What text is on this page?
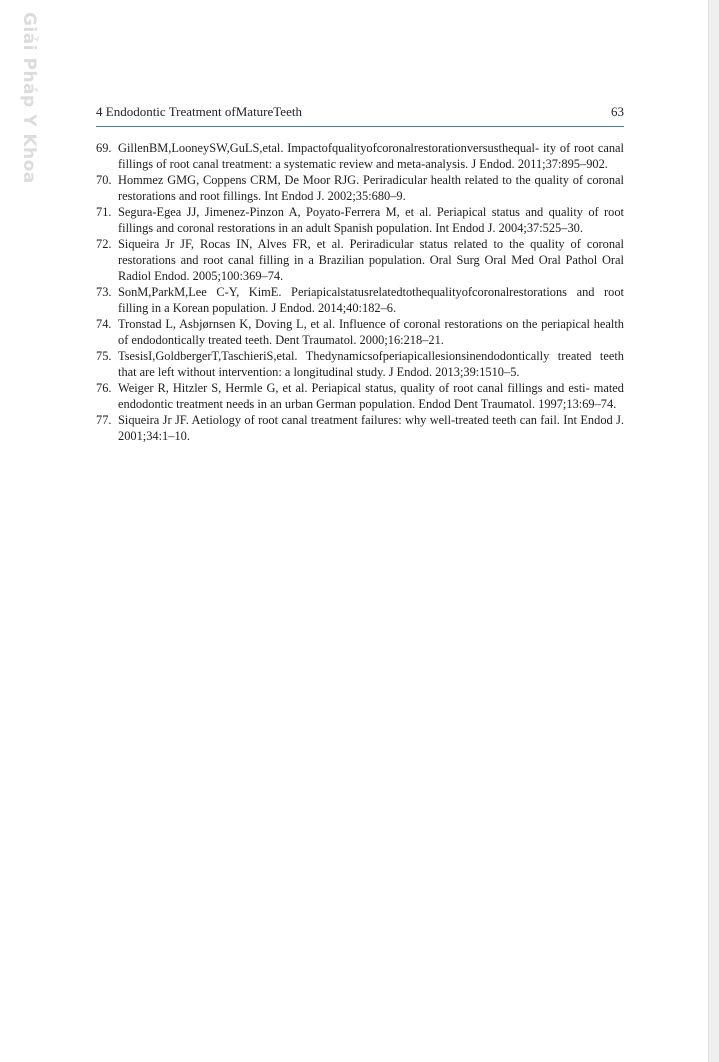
Giải Pháp Y Khoa	4 Endodontic Treatment ofMatureTeeth	63
69. GillenBM,LooneySW,GuLS,etal. Impactofqualityofcoronalrestorationversusthequal- ity of root canal fillings of root canal treatment: a systematic review and meta-analysis. J Endod. 2011;37:895–902.
70. Hommez GMG, Coppens CRM, De Moor RJG. Periradicular health related to the quality of coronal restorations and root fillings. Int Endod J. 2002;35:680–9.
71. Segura-Egea JJ, Jimenez-Pinzon A, Poyato-Ferrera M, et al. Periapical status and quality of root fillings and coronal restorations in an adult Spanish population. Int Endod J. 2004;37:525–30.
72. Siqueira Jr JF, Rocas IN, Alves FR, et al. Periradicular status related to the quality of coronal restorations and root canal filling in a Brazilian population. Oral Surg Oral Med Oral Pathol Oral Radiol Endod. 2005;100:369–74.
73. SonM,ParkM,Lee C-Y, KimE. Periapicalstatusrelatedtothequalityofcoronalrestorations and root filling in a Korean population. J Endod. 2014;40:182–6.
74. Tronstad L, Asbjørnsen K, Doving L, et al. Influence of coronal restorations on the periapical health of endodontically treated teeth. Dent Traumatol. 2000;16:218–21.
75. TsesisI,GoldbergerT,TaschieriS,etal. Thedynamicsofperiapicallesionsinendodontically treated teeth that are left without intervention: a longitudinal study. J Endod. 2013;39:1510–5.
76. Weiger R, Hitzler S, Hermle G, et al. Periapical status, quality of root canal fillings and esti- mated endodontic treatment needs in an urban German population. Endod Dent Traumatol. 1997;13:69–74.
77. Siqueira Jr JF. Aetiology of root canal treatment failures: why well-treated teeth can fail. Int Endod J. 2001;34:1–10.
